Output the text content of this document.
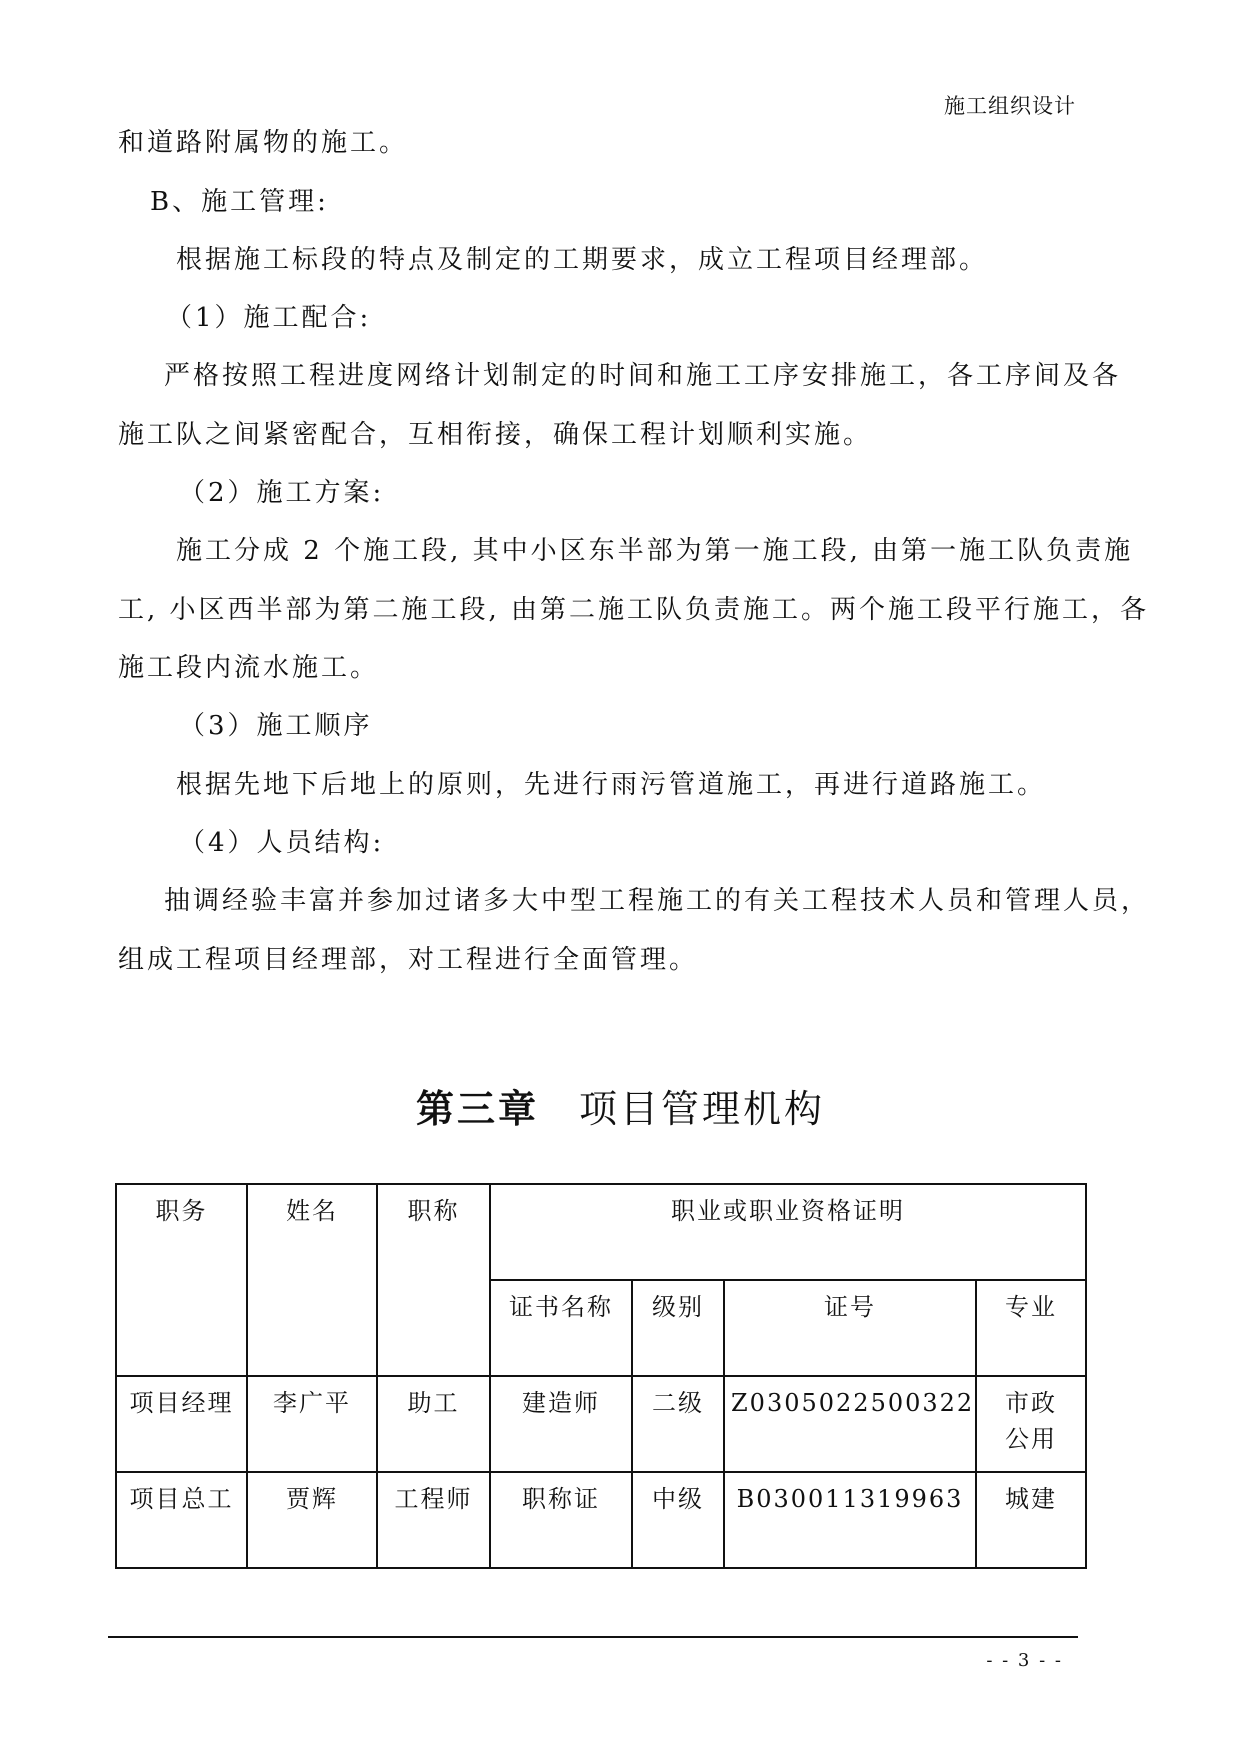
施工组织设计
和道路附属物的施工。
B、施工管理:
根据施工标段的特点及制定的工期要求，成立工程项目经理部。
（1）施工配合:
严格按照工程进度网络计划制定的时间和施工工序安排施工，各工序间及各
施工队之间紧密配合，互相衔接，确保工程计划顺利实施。
（2）施工方案:
施工分成 2 个施工段, 其中小区东半部为第一施工段, 由第一施工队负责施
工, 小区西半部为第二施工段, 由第二施工队负责施工。两个施工段平行施工，各
施工段内流水施工。
（3）施工顺序
根据先地下后地上的原则，先进行雨污管道施工，再进行道路施工。
（4）人员结构:
抽调经验丰富并参加过诸多大中型工程施工的有关工程技术人员和管理人员，
组成工程项目经理部，对工程进行全面管理。
第三章 项目管理机构
职务	姓名	职称	职业或职业资格证明			
			证书名称	级别	证号	专业
项目经理	李广平	助工	建造师	二级	Z0305022500322	市政　公用
项目总工	贾辉	工程师	职称证	中级	B030011319963	城建
- - 3 - -
